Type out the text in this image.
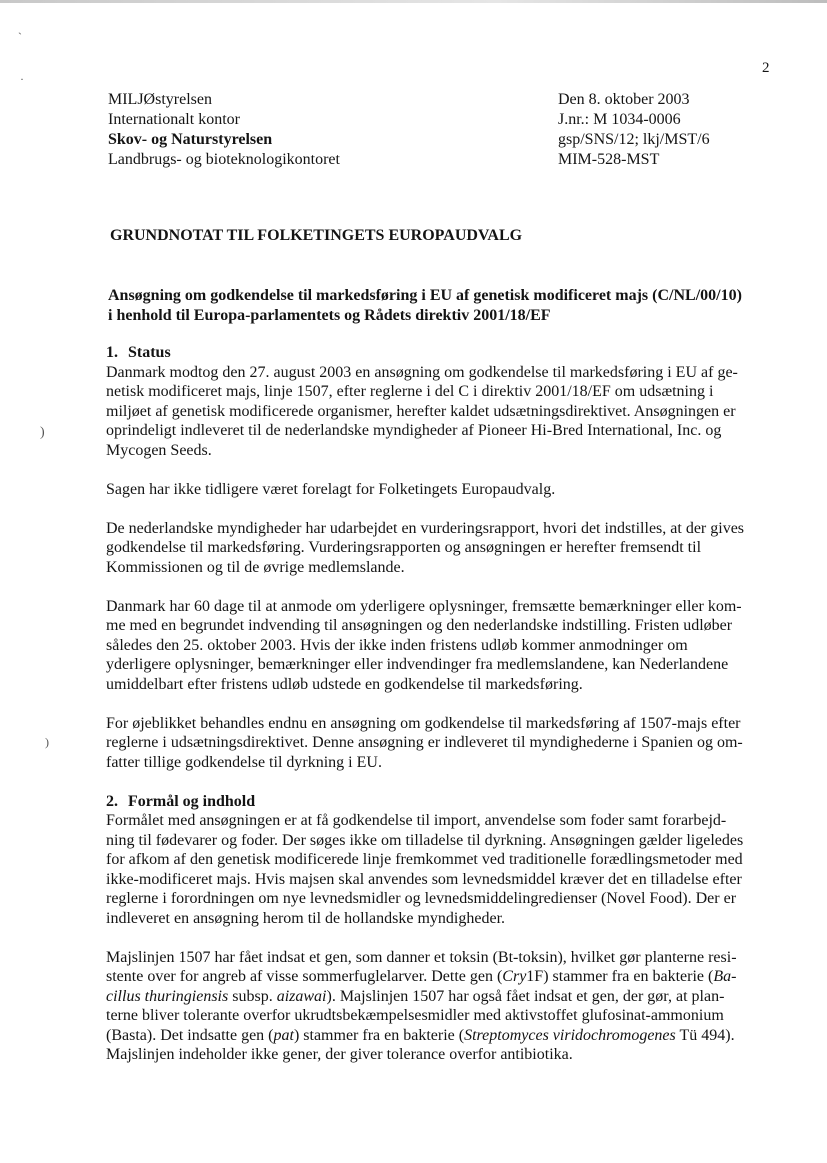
`
·
)
)
2
MILJØstyrelsen
Internationalt kontor
Skov- og Naturstyrelsen
Landbrugs- og bioteknologikontoret
Den 8. oktober 2003
J.nr.: M 1034-0006
gsp/SNS/12; lkj/MST/6
MIM-528-MST
GRUNDNOTAT TIL FOLKETINGETS EUROPAUDVALG
Ansøgning om godkendelse til markedsføring i EU af genetisk modificeret majs (C/NL/00/10)
i henhold til Europa-parlamentets og Rådets direktiv 2001/18/EF
1. Status
Danmark modtog den 27. august 2003 en ansøgning om godkendelse til markedsføring i EU af ge-
netisk modificeret majs, linje 1507, efter reglerne i del C i direktiv 2001/18/EF om udsætning i
miljøet af genetisk modificerede organismer, herefter kaldet udsætningsdirektivet. Ansøgningen er
oprindeligt indleveret til de nederlandske myndigheder af Pioneer Hi-Bred International, Inc. og
Mycogen Seeds.
Sagen har ikke tidligere været forelagt for Folketingets Europaudvalg.
De nederlandske myndigheder har udarbejdet en vurderingsrapport, hvori det indstilles, at der gives
godkendelse til markedsføring. Vurderingsrapporten og ansøgningen er herefter fremsendt til
Kommissionen og til de øvrige medlemslande.
Danmark har 60 dage til at anmode om yderligere oplysninger, fremsætte bemærkninger eller kom-
me med en begrundet indvending til ansøgningen og den nederlandske indstilling. Fristen udløber
således den 25. oktober 2003. Hvis der ikke inden fristens udløb kommer anmodninger om
yderligere oplysninger, bemærkninger eller indvendinger fra medlemslandene, kan Nederlandene
umiddelbart efter fristens udløb udstede en godkendelse til markedsføring.
For øjeblikket behandles endnu en ansøgning om godkendelse til markedsføring af 1507-majs efter
reglerne i udsætningsdirektivet. Denne ansøgning er indleveret til myndighederne i Spanien og om-
fatter tillige godkendelse til dyrkning i EU.
2. Formål og indhold
Formålet med ansøgningen er at få godkendelse til import, anvendelse som foder samt forarbejd-
ning til fødevarer og foder. Der søges ikke om tilladelse til dyrkning. Ansøgningen gælder ligeledes
for afkom af den genetisk modificerede linje fremkommet ved traditionelle forædlingsmetoder med
ikke-modificeret majs. Hvis majsen skal anvendes som levnedsmiddel kræver det en tilladelse efter
reglerne i forordningen om nye levnedsmidler og levnedsmiddelingredienser (Novel Food). Der er
indleveret en ansøgning herom til de hollandske myndigheder.
Majslinjen 1507 har fået indsat et gen, som danner et toksin (Bt-toksin), hvilket gør planterne resi-
stente over for angreb af visse sommerfuglelarver. Dette gen (Cry1F) stammer fra en bakterie (Ba-
cillus thuringiensis subsp. aizawai). Majslinjen 1507 har også fået indsat et gen, der gør, at plan-
terne bliver tolerante overfor ukrudtsbekæmpelsesmidler med aktivstoffet glufosinat-ammonium
(Basta). Det indsatte gen (pat) stammer fra en bakterie (Streptomyces viridochromogenes Tü 494).
Majslinjen indeholder ikke gener, der giver tolerance overfor antibiotika.
